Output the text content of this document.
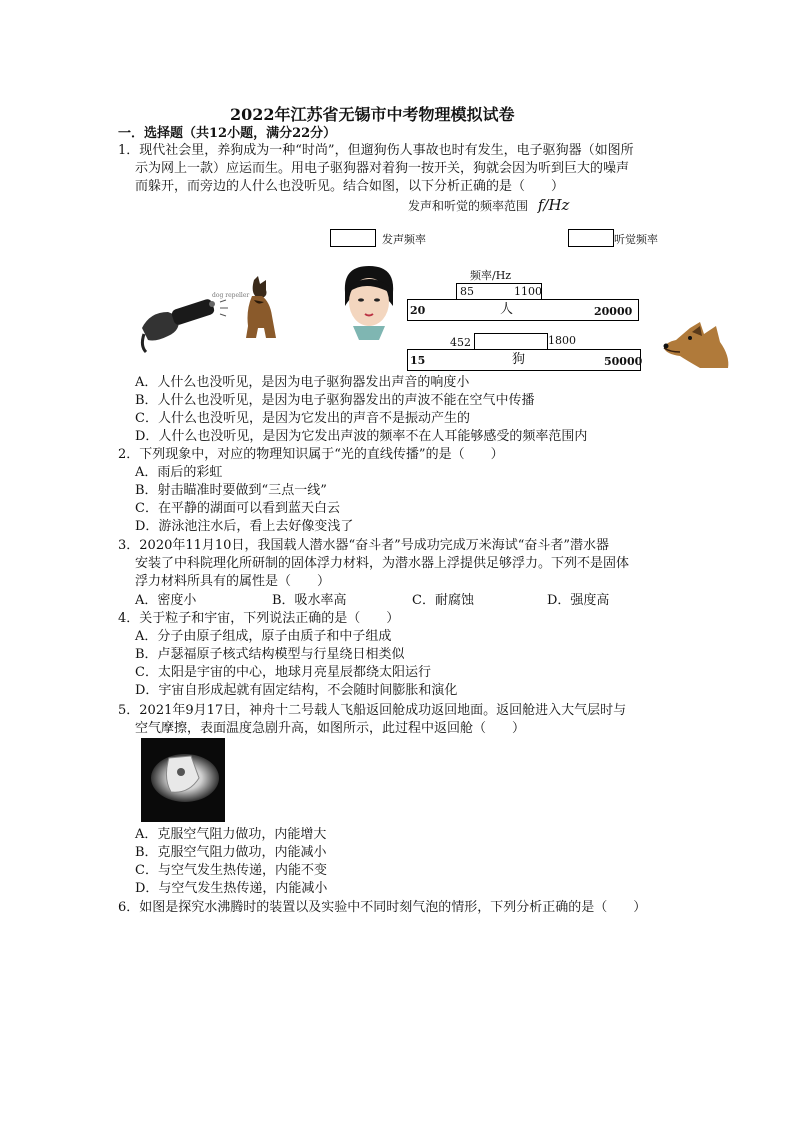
2022年江苏省无锡市中考物理模拟试卷
一．选择题（共12小题，满分22分）
1．现代社会里，养狗成为一种“时尚”，但遛狗伤人事故也时有发生，电子驱狗器（如图所
示为网上一款）应运而生。用电子驱狗器对着狗一按开关，狗就会因为听到巨大的噪声
而躲开，而旁边的人什么也没听见。结合如图，以下分析正确的是（　　）
发声和听觉的频率范围 f/Hz
发声频率	听觉频率
dog repeller
频率/Hz
85	1100
20	人	20000
452	1800
15	狗	50000
A．人什么也没听见，是因为电子驱狗器发出声音的响度小
B．人什么也没听见，是因为电子驱狗器发出的声波不能在空气中传播
C．人什么也没听见，是因为它发出的声音不是振动产生的
D．人什么也没听见，是因为它发出声波的频率不在人耳能够感受的频率范围内
2．下列现象中，对应的物理知识属于“光的直线传播”的是（　　）
A．雨后的彩虹
B．射击瞄准时要做到“三点一线”
C．在平静的湖面可以看到蓝天白云
D．游泳池注水后，看上去好像变浅了
3．2020年11月10日，我国载人潜水器“奋斗者”号成功完成万米海试“奋斗者”潜水器
安装了中科院理化所研制的固体浮力材料，为潜水器上浮提供足够浮力。下列不是固体
浮力材料所具有的属性是（　　）
A．密度小	B．吸水率高	C．耐腐蚀	D．强度高
4．关于粒子和宇宙，下列说法正确的是（　　）
A．分子由原子组成，原子由质子和中子组成
B．卢瑟福原子核式结构模型与行星绕日相类似
C．太阳是宇宙的中心，地球月亮星辰都绕太阳运行
D．宇宙自形成起就有固定结构，不会随时间膨胀和演化
5．2021年9月17日，神舟十二号载人飞船返回舱成功返回地面。返回舱进入大气层时与
空气摩擦，表面温度急剧升高，如图所示，此过程中返回舱（　　）
A．克服空气阻力做功，内能增大
B．克服空气阻力做功，内能减小
C．与空气发生热传递，内能不变
D．与空气发生热传递，内能减小
6．如图是探究水沸腾时的装置以及实验中不同时刻气泡的情形，下列分析正确的是（　　）
